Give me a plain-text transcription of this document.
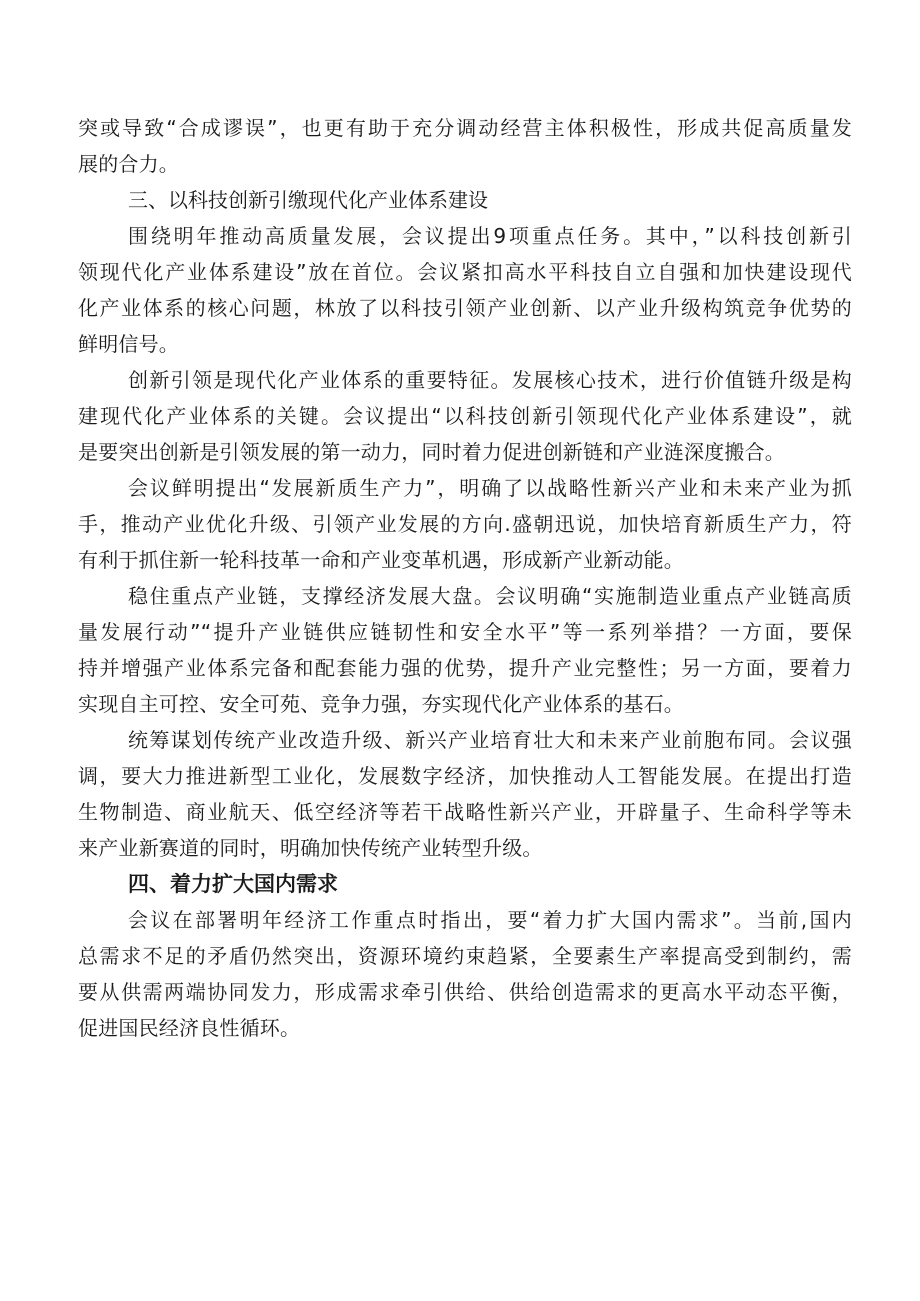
突或导致“合成谬误”，也更有助于充分调动经营主体积极性，形成共促高质量发
展的合力。
三、以科技创新引缴现代化产业体系建设
围绕明年推动高质量发展，会议提出9项重点任务。其中，”以科技创新引
领现代化产业体系建设”放在首位。会议紧扣高水平科技自立自强和加快建设现代
化产业体系的核心问题，林放了以科技引领产业创新、以产业升级构筑竞争优势的
鲜明信号。
创新引领是现代化产业体系的重要特征。发展核心技术，进行价值链升级是构
建现代化产业体系的关键。会议提出“以科技创新引领现代化产业体系建设”，就
是要突出创新是引领发展的第一动力，同时着力促进创新链和产业涟深度搬合。
会议鲜明提出“发展新质生产力”，明确了以战略性新兴产业和未来产业为抓
手，推动产业优化升级、引领产业发展的方向.盛朝迅说，加快培育新质生产力，符
有利于抓住新一轮科技革一命和产业变革机遇，形成新产业新动能。
稳住重点产业链，支撑经济发展大盘。会议明确“实施制造业重点产业链高质
量发展行动”“提升产业链供应链韧性和安全水平”等一系列举措？一方面，要保
持并增强产业体系完备和配套能力强的优势，提升产业完整性；另一方面，要着力
实现自主可控、安全可苑、竞争力强，夯实现代化产业体系的基石。
统筹谋划传统产业改造升级、新兴产业培育壮大和未来产业前胞布同。会议强
调，要大力推进新型工业化，发展数字经济，加快推动人工智能发展。在提出打造
生物制造、商业航天、低空经济等若干战略性新兴产业，开辟量子、生命科学等未
来产业新赛道的同时，明确加快传统产业转型升级。
四、着力扩大国内需求
会议在部署明年经济工作重点时指出，要“着力扩大国内需求”。当前,国内
总需求不足的矛盾仍然突出，资源环境约束趋紧，全要素生产率提高受到制约，需
要从供需两端协同发力，形成需求牵引供给、供给创造需求的更高水平动态平衡，
促进国民经济良性循环。
